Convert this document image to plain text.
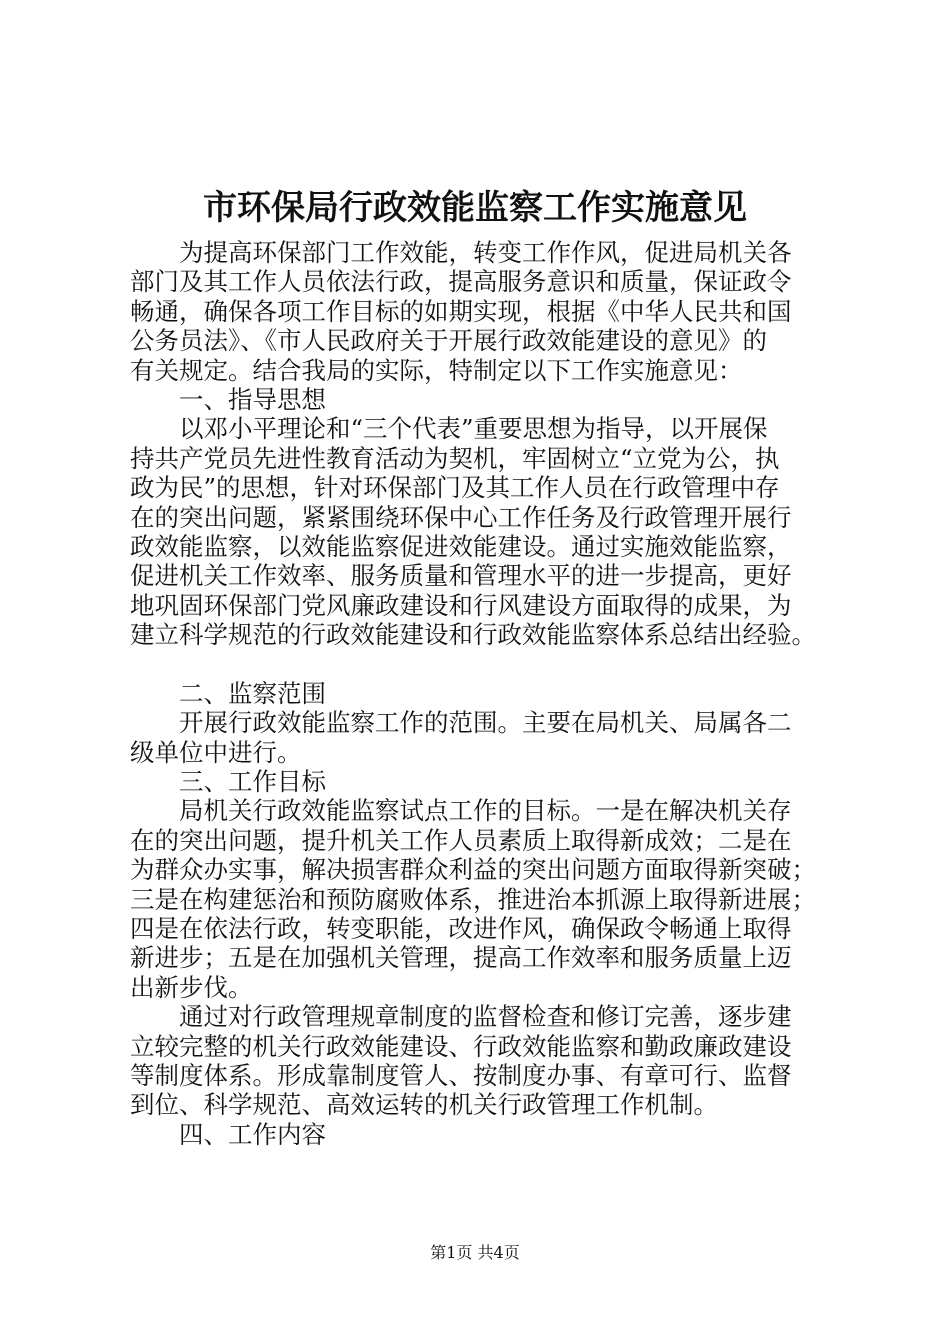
市环保局行政效能监察工作实施意见
　　为提高环保部门工作效能，转变工作作风，促进局机关各
部门及其工作人员依法行政，提高服务意识和质量，保证政令
畅通，确保各项工作目标的如期实现，根据《中华人民共和国
公务员法》、《市人民政府关于开展行政效能建设的意见》的
有关规定。结合我局的实际，特制定以下工作实施意见：
　　一、指导思想
　　以邓小平理论和“三个代表”重要思想为指导，以开展保
持共产党员先进性教育活动为契机，牢固树立“立党为公，执
政为民”的思想，针对环保部门及其工作人员在行政管理中存
在的突出问题，紧紧围绕环保中心工作任务及行政管理开展行
政效能监察，以效能监察促进效能建设。通过实施效能监察，
促进机关工作效率、服务质量和管理水平的进一步提高，更好
地巩固环保部门党风廉政建设和行风建设方面取得的成果，为
建立科学规范的行政效能建设和行政效能监察体系总结出经验。
　　二、监察范围
　　开展行政效能监察工作的范围。主要在局机关、局属各二
级单位中进行。
　　三、工作目标
　　局机关行政效能监察试点工作的目标。一是在解决机关存
在的突出问题，提升机关工作人员素质上取得新成效；二是在
为群众办实事，解决损害群众利益的突出问题方面取得新突破；
三是在构建惩治和预防腐败体系，推进治本抓源上取得新进展；
四是在依法行政，转变职能，改进作风，确保政令畅通上取得
新进步；五是在加强机关管理，提高工作效率和服务质量上迈
出新步伐。
　　通过对行政管理规章制度的监督检查和修订完善，逐步建
立较完整的机关行政效能建设、行政效能监察和勤政廉政建设
等制度体系。形成靠制度管人、按制度办事、有章可行、监督
到位、科学规范、高效运转的机关行政管理工作机制。
　　四、工作内容
第1页 共4页
